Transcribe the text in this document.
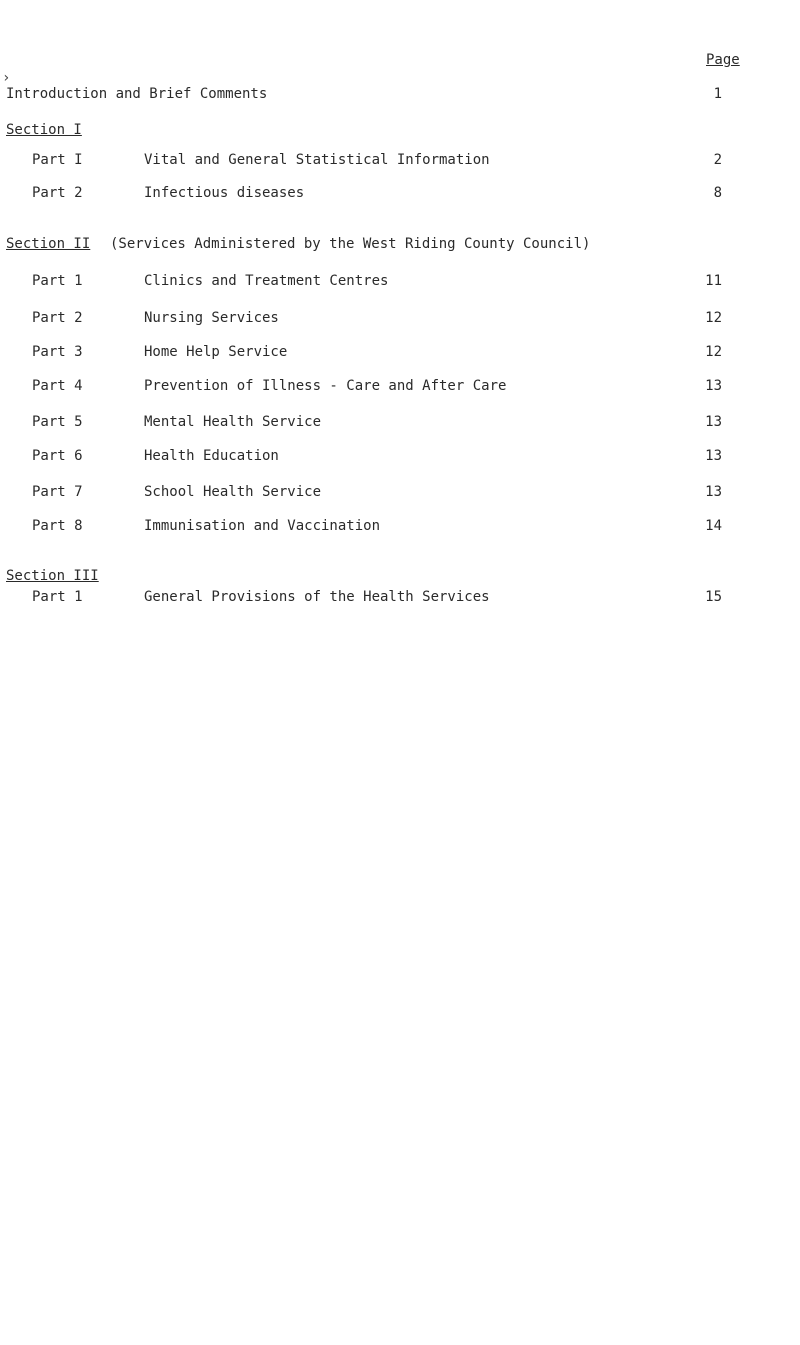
›
Page
Introduction and Brief Comments	1
Section I
Part I	Vital and General Statistical Information	2
Part 2	Infectious diseases	8
Section II (Services Administered by the West Riding County Council)
Part 1	Clinics and Treatment Centres	11
Part 2	Nursing Services	12
Part 3	Home Help Service	12
Part 4	Prevention of Illness - Care and After Care	13
Part 5	Mental Health Service	13
Part 6	Health Education	13
Part 7	School Health Service	13
Part 8	Immunisation and Vaccination	14
Section III
Part 1	General Provisions of the Health Services	15
